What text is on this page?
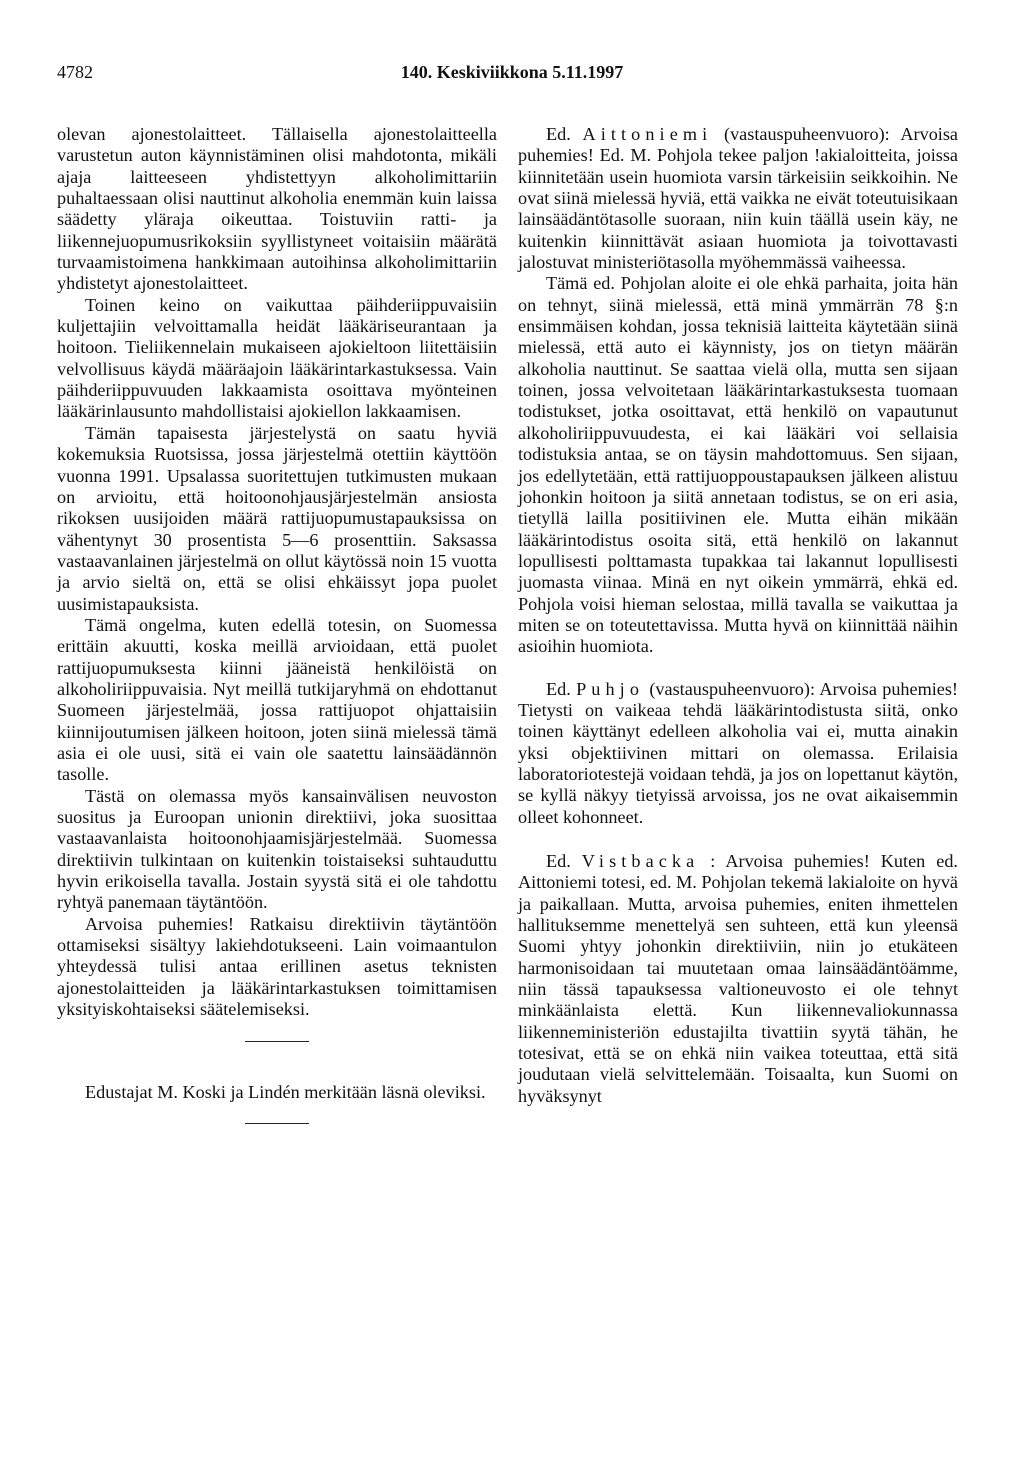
4782	140. Keskiviikkona 5.11.1997

olevan ajonestolaitteet. Tällaisella ajonestolaitteella varustetun auton käynnistäminen olisi mahdotonta, mikäli ajaja laitteeseen yhdistettyyn alkoholimittariin puhaltaessaan olisi nauttinut alkoholia enemmän kuin laissa säädetty yläraja oikeuttaa. Toistuviin ratti- ja liikennejuopumusrikoksiin syyllistyneet voitaisiin määrätä turvaamistoimena hankkimaan autoihinsa alkoholimittariin yhdistetyt ajonestolaitteet.

Toinen keino on vaikuttaa päihderiippuvaisiin kuljettajiin velvoittamalla heidät lääkäriseurantaan ja hoitoon. Tieliikennelain mukaiseen ajokieltoon liitettäisiin velvollisuus käydä määräajoin lääkärintarkastuksessa. Vain päihderiippuvuuden lakkaamista osoittava myönteinen lääkärinlausunto mahdollistaisi ajokiellon lakkaamisen.

Tämän tapaisesta järjestelystä on saatu hyviä kokemuksia Ruotsissa, jossa järjestelmä otettiin käyttöön vuonna 1991. Upsalassa suoritettujen tutkimusten mukaan on arvioitu, että hoitoonohjausjärjestelmän ansiosta rikoksen uusijoiden määrä rattijuopumustapauksissa on vähentynyt 30 prosentista 5—6 prosenttiin. Saksassa vastaavanlainen järjestelmä on ollut käytössä noin 15 vuotta ja arvio sieltä on, että se olisi ehkäissyt jopa puolet uusimistapauksista.

Tämä ongelma, kuten edellä totesin, on Suomessa erittäin akuutti, koska meillä arvioidaan, että puolet rattijuopumuksesta kiinni jääneistä henkilöistä on alkoholiriippuvaisia. Nyt meillä tutkijaryhmä on ehdottanut Suomeen järjestelmää, jossa rattijuopot ohjattaisiin kiinnijoutumisen jälkeen hoitoon, joten siinä mielessä tämä asia ei ole uusi, sitä ei vain ole saatettu lainsäädännön tasolle.

Tästä on olemassa myös kansainvälisen neuvoston suositus ja Euroopan unionin direktiivi, joka suosittaa vastaavanlaista hoitoonohjaamisjärjestelmää. Suomessa direktiivin tulkintaan on kuitenkin toistaiseksi suhtauduttu hyvin erikoisella tavalla. Jostain syystä sitä ei ole tahdottu ryhtyä panemaan täytäntöön.

Arvoisa puhemies! Ratkaisu direktiivin täytäntöön ottamiseksi sisältyy lakiehdotukseeni. Lain voimaantulon yhteydessä tulisi antaa erillinen asetus teknisten ajonestolaitteiden ja lääkärintarkastuksen toimittamisen yksityiskohtaiseksi säätelemiseksi.

Edustajat M. Koski ja Lindén merkitään läsnä oleviksi.

Ed. Aittoniemi (vastauspuheenvuoro): Arvoisa puhemies! Ed. M. Pohjola tekee paljon !akialoitteita, joissa kiinnitetään usein huomiota varsin tärkeisiin seikkoihin. Ne ovat siinä mielessä hyviä, että vaikka ne eivät toteutuisikaan lainsäädäntötasolle suoraan, niin kuin täällä usein käy, ne kuitenkin kiinnittävät asiaan huomiota ja toivottavasti jalostuvat ministeriötasolla myöhemmässä vaiheessa.

Tämä ed. Pohjolan aloite ei ole ehkä parhaita, joita hän on tehnyt, siinä mielessä, että minä ymmärrän 78 §:n ensimmäisen kohdan, jossa teknisiä laitteita käytetään siinä mielessä, että auto ei käynnisty, jos on tietyn määrän alkoholia nauttinut. Se saattaa vielä olla, mutta sen sijaan toinen, jossa velvoitetaan lääkärintarkastuksesta tuomaan todistukset, jotka osoittavat, että henkilö on vapautunut alkoholiriippuvuudesta, ei kai lääkäri voi sellaisia todistuksia antaa, se on täysin mahdottomuus. Sen sijaan, jos edellytetään, että rattijuoppoustapauksen jälkeen alistuu johonkin hoitoon ja siitä annetaan todistus, se on eri asia, tietyllä lailla positiivinen ele. Mutta eihän mikään lääkärintodistus osoita sitä, että henkilö on lakannut lopullisesti polttamasta tupakkaa tai lakannut lopullisesti juomasta viinaa. Minä en nyt oikein ymmärrä, ehkä ed. Pohjola voisi hieman selostaa, millä tavalla se vaikuttaa ja miten se on toteutettavissa. Mutta hyvä on kiinnittää näihin asioihin huomiota.

Ed. Puhjo (vastauspuheenvuoro): Arvoisa puhemies! Tietysti on vaikeaa tehdä lääkärintodistusta siitä, onko toinen käyttänyt edelleen alkoholia vai ei, mutta ainakin yksi objektiivinen mittari on olemassa. Erilaisia laboratoriotestejä voidaan tehdä, ja jos on lopettanut käytön, se kyllä näkyy tietyissä arvoissa, jos ne ovat aikaisemmin olleet kohonneet.

Ed. Vistbacka : Arvoisa puhemies! Kuten ed. Aittoniemi totesi, ed. M. Pohjolan tekemä lakialoite on hyvä ja paikallaan. Mutta, arvoisa puhemies, eniten ihmettelen hallituksemme menettelyä sen suhteen, että kun yleensä Suomi yhtyy johonkin direktiiviin, niin jo etukäteen harmonisoidaan tai muutetaan omaa lainsäädäntöämme, niin tässä tapauksessa valtioneuvosto ei ole tehnyt minkäänlaista elettä. Kun liikennevaliokunnassa liikenneministeriön edustajilta tivattiin syytä tähän, he totesivat, että se on ehkä niin vaikea toteuttaa, että sitä joudutaan vielä selvittelemään. Toisaalta, kun Suomi on hyväksynyt
